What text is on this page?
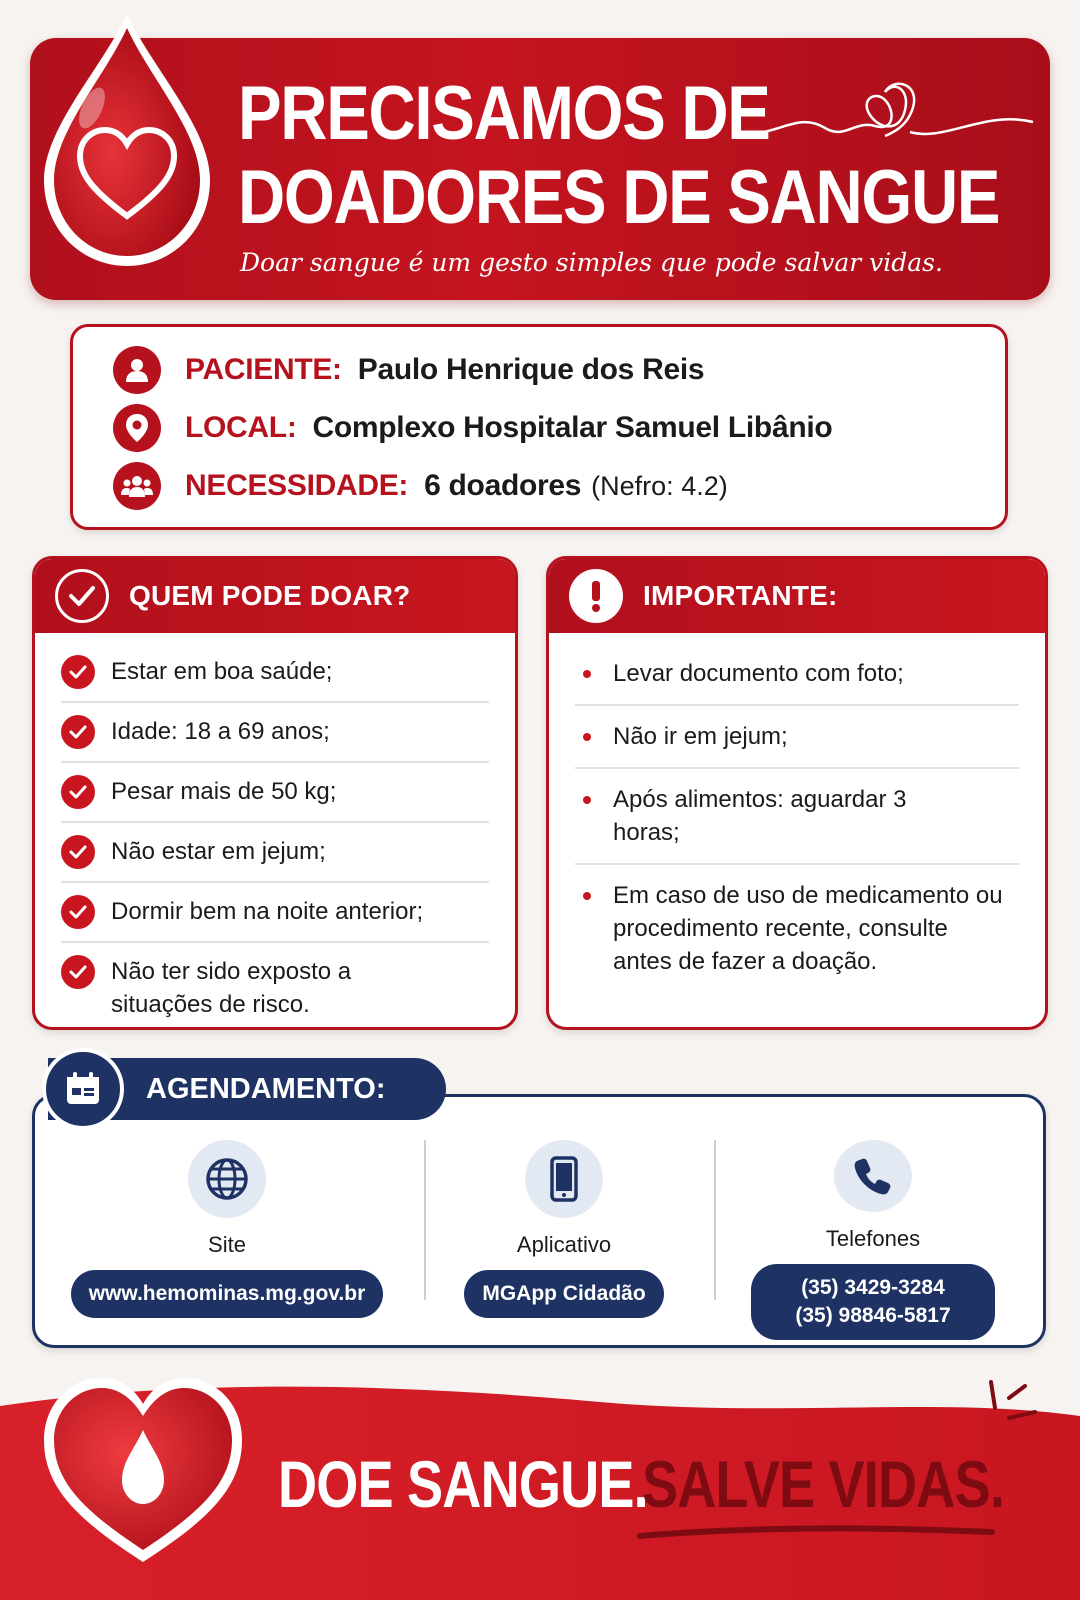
PRECISAMOS DE
DOADORES DE SANGUE
Doar sangue é um gesto simples que pode salvar vidas.
PACIENTE: Paulo Henrique dos Reis
LOCAL: Complexo Hospitalar Samuel Libânio
NECESSIDADE: 6 doadores (Nefro: 4.2)
QUEM PODE DOAR?
Estar em boa saúde;
Idade: 18 a 69 anos;
Pesar mais de 50 kg;
Não estar em jejum;
Dormir bem na noite anterior;
Não ter sido exposto a situações de risco.
IMPORTANTE:
Levar documento com foto;
Não ir em jejum;
Após alimentos: aguardar 3 horas;
Em caso de uso de medicamento ou procedimento recente, consulte antes de fazer a doação.
AGENDAMENTO:
Site
www.hemominas.mg.gov.br
Aplicativo
MGApp Cidadão
Telefones
(35) 3429-3284
(35) 98846-5817
DOE SANGUE.
SALVE VIDAS.
